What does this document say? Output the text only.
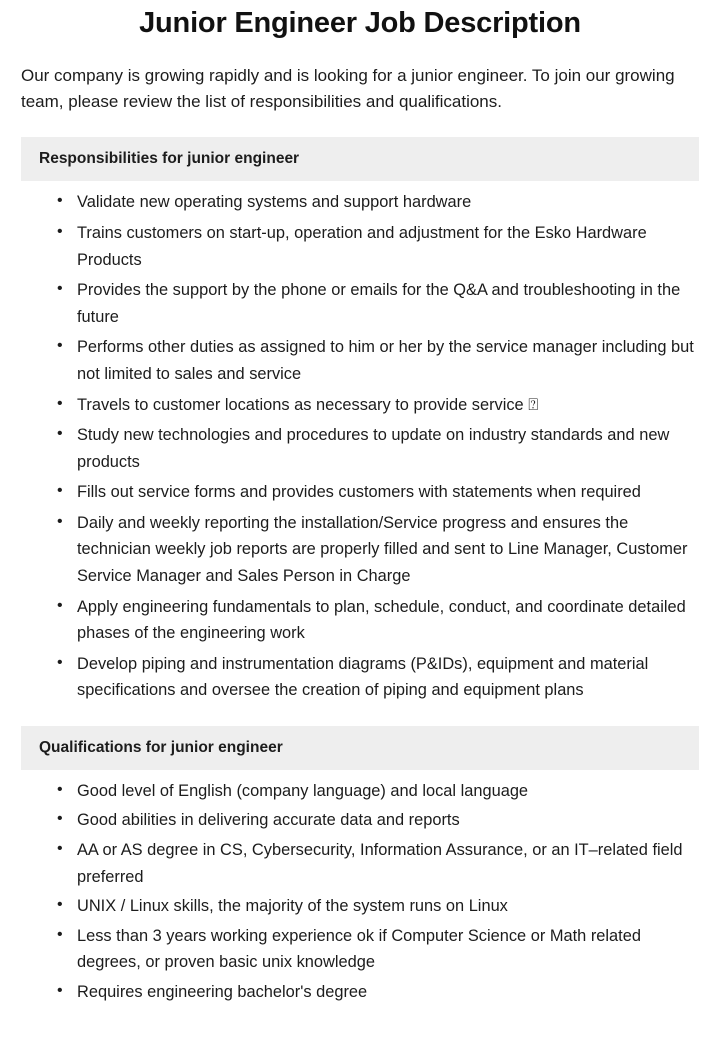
Junior Engineer Job Description

Our company is growing rapidly and is looking for a junior engineer. To join our growing team, please review the list of responsibilities and qualifications.

Responsibilities for junior engineer
• Validate new operating systems and support hardware
• Trains customers on start-up, operation and adjustment for the Esko Hardware Products
• Provides the support by the phone or emails for the Q&A and troubleshooting in the future
• Performs other duties as assigned to him or her by the service manager including but not limited to sales and service
• Travels to customer locations as necessary to provide service ⍰
• Study new technologies and procedures to update on industry standards and new products
• Fills out service forms and provides customers with statements when required
• Daily and weekly reporting the installation/Service progress and ensures the technician weekly job reports are properly filled and sent to Line Manager, Customer Service Manager and Sales Person in Charge
• Apply engineering fundamentals to plan, schedule, conduct, and coordinate detailed phases of the engineering work
• Develop piping and instrumentation diagrams (P&IDs), equipment and material specifications and oversee the creation of piping and equipment plans
Qualifications for junior engineer
• Good level of English (company language) and local language
• Good abilities in delivering accurate data and reports
• AA or AS degree in CS, Cybersecurity, Information Assurance, or an IT–related field preferred
• UNIX / Linux skills, the majority of the system runs on Linux
• Less than 3 years working experience ok if Computer Science or Math related degrees, or proven basic unix knowledge
• Requires engineering bachelor's degree
